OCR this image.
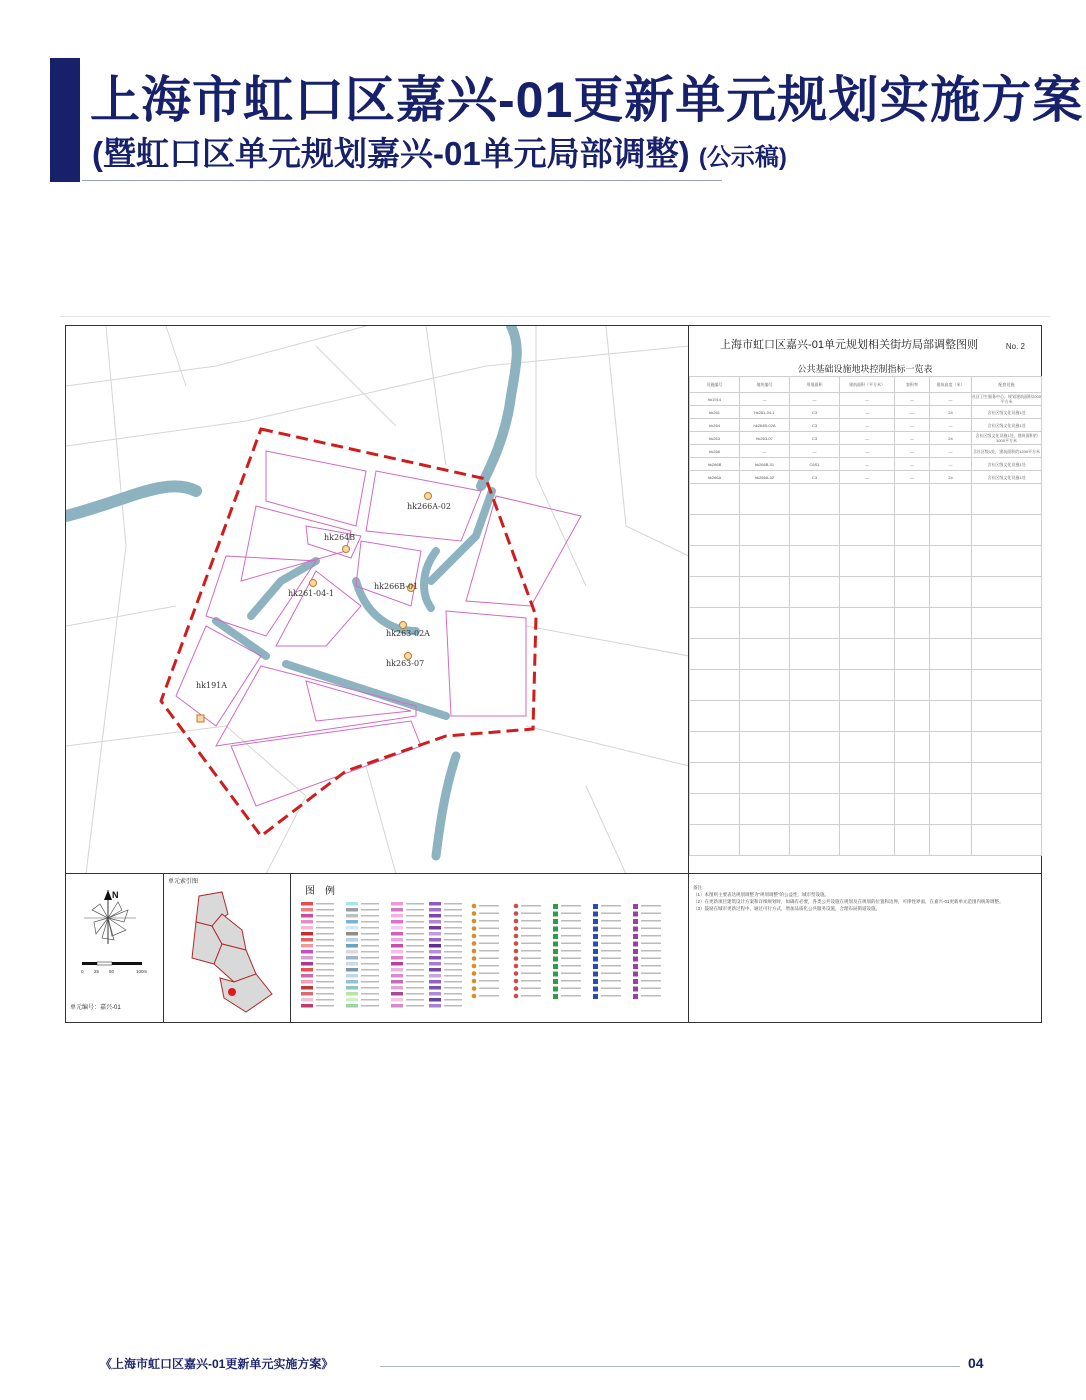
上海市虹口区嘉兴-01更新单元规划实施方案
(暨虹口区单元规划嘉兴-01单元局部调整) (公示稿)
hk266A-02
hk264B
hk266B-01
hk261-04-1
hk263-02A
hk263-07
hk191A
上海市虹口区嘉兴-01单元规划相关街坊局部调整图则	No. 2
公共基础设施地块控制指标一览表
设施编号	地块编号	用地面积	建筑面积（平方米）	容积率	建筑高度（米）	配套设施
hk1914	—	—	—	—	—	社区卫生服务中心，规划建筑面积2000平方米
hk261	hk261-04-1	C3	—	—	24	含社区级文化设施1处
hk264	hk264B-02A	C3	—	—	—	含社区级文化设施1处
hk263	hk263-07	C3	—	—	24	含社区级文化设施1处，建筑面积约1000平方米
hk266	—	—	—	—	—	含社区级1处，建筑面积约1200平方米
hk266B	hk266B-01	C6S1	—	—	—	含社区级文化设施1处
hk266A	hk266A-02	C3	—	—	24	含社区级文化设施1处

N
0 25 50	100m
单元编号：嘉兴-01
单元索引图
图　例	备注：
（1）本图则主要表达规划调整为“规划调整”的公益性、城市型设施。
（2）在更新项目建筑设计方案和详细规划时，如确有必要，各类公共设施在规划及在规划的位置和边界，可律性界面，在嘉兴-01更新单元范围内统筹调整。
（3）鼓励在城市更新过程中，通过可行方式，增加品质化公共服务设施，合理布局街道设施。
《上海市虹口区嘉兴-01更新单元实施方案》	04
